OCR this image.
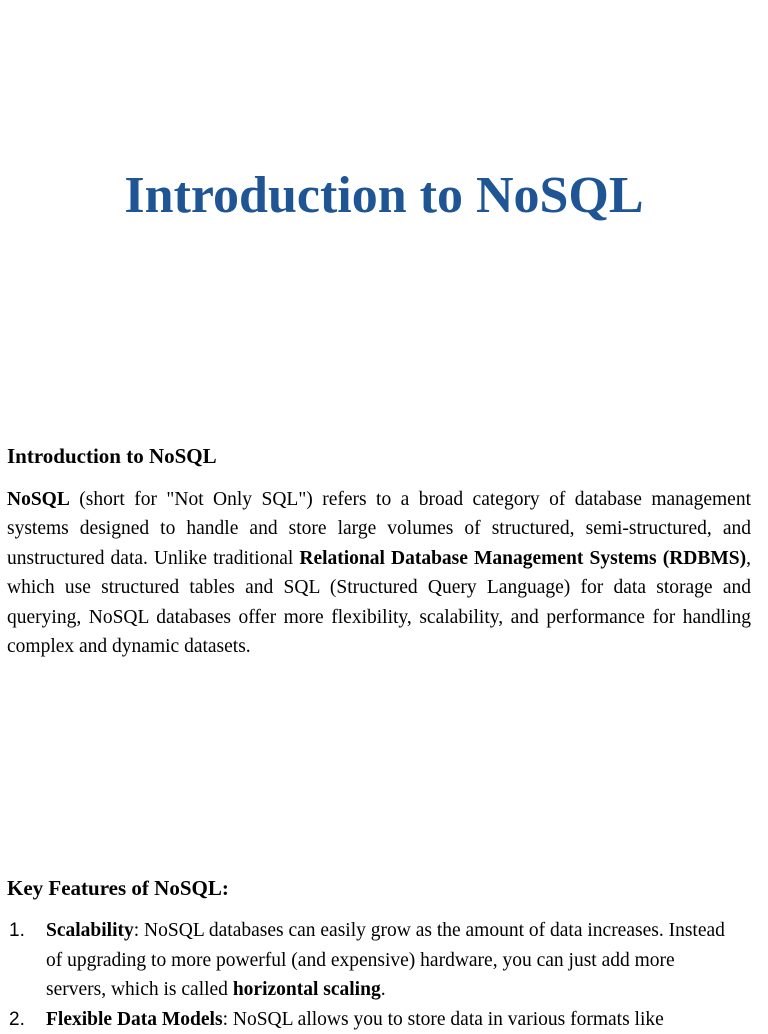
Introduction to NoSQL
Introduction to NoSQL

NoSQL (short for "Not Only SQL") refers to a broad category of database management systems designed to handle and store large volumes of structured, semi-structured, and unstructured data. Unlike traditional Relational Database Management Systems (RDBMS), which use structured tables and SQL (Structured Query Language) for data storage and querying, NoSQL databases offer more flexibility, scalability, and performance for handling complex and dynamic datasets.

Key Features of NoSQL:
1. Scalability: NoSQL databases can easily grow as the amount of data increases. Instead of upgrading to more powerful (and expensive) hardware, you can just add more servers, which is called horizontal scaling.
2. Flexible Data Models: NoSQL allows you to store data in various formats like
